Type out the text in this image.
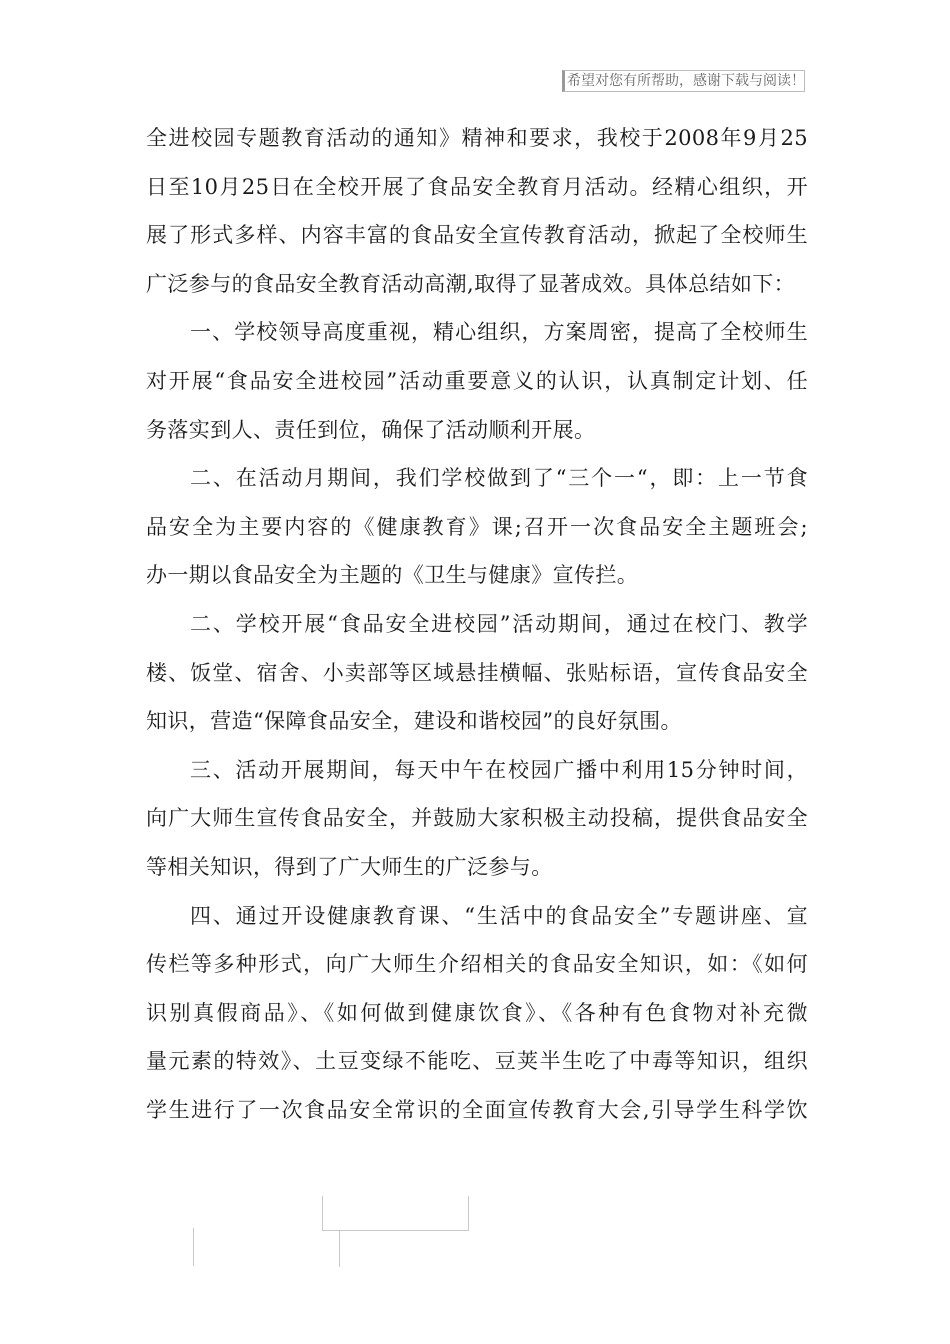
希望对您有所帮助，感谢下载与阅读！
全进校园专题教育活动的通知》精神和要求，我校于2008年9月25
日至10月25日在全校开展了食品安全教育月活动。经精心组织，开
展了形式多样、内容丰富的食品安全宣传教育活动，掀起了全校师生
广泛参与的食品安全教育活动高潮,取得了显著成效。具体总结如下：
一、学校领导高度重视，精心组织，方案周密，提高了全校师生
对开展“食品安全进校园”活动重要意义的认识，认真制定计划、任
务落实到人、责任到位，确保了活动顺利开展。
二、在活动月期间，我们学校做到了“三个一“，即：上一节食
品安全为主要内容的《健康教育》课;召开一次食品安全主题班会;
办一期以食品安全为主题的《卫生与健康》宣传拦。
二、学校开展“食品安全进校园”活动期间，通过在校门、教学
楼、饭堂、宿舍、小卖部等区域悬挂横幅、张贴标语，宣传食品安全
知识，营造“保障食品安全，建设和谐校园”的良好氛围。
三、活动开展期间，每天中午在校园广播中利用15分钟时间，
向广大师生宣传食品安全，并鼓励大家积极主动投稿，提供食品安全
等相关知识，得到了广大师生的广泛参与。
四、通过开设健康教育课、“生活中的食品安全”专题讲座、宣
传栏等多种形式，向广大师生介绍相关的食品安全知识，如：《如何
识别真假商品》、《如何做到健康饮食》、《各种有色食物对补充微
量元素的特效》、土豆变绿不能吃、豆荚半生吃了中毒等知识，组织
学生进行了一次食品安全常识的全面宣传教育大会,引导学生科学饮
